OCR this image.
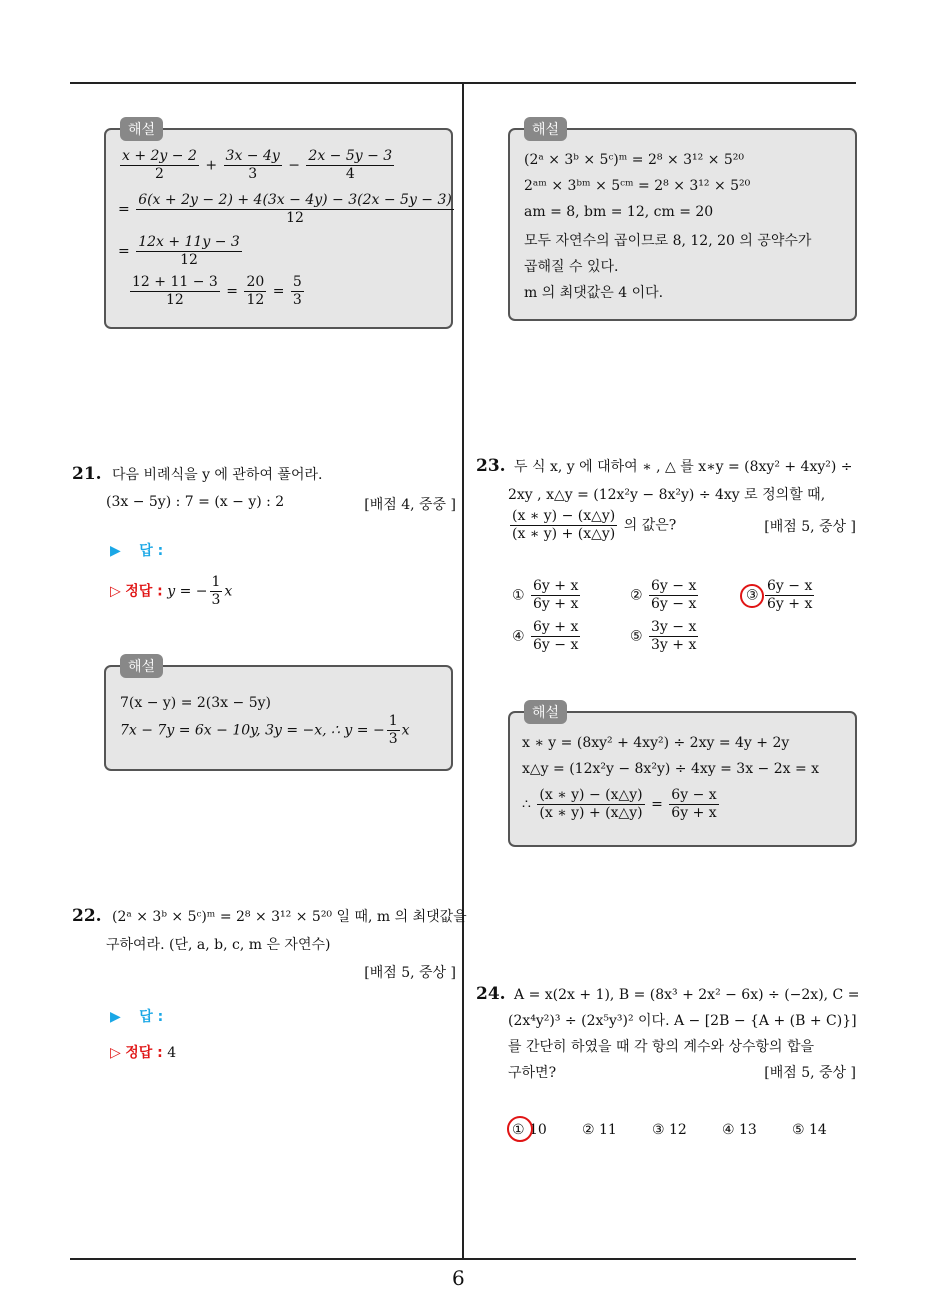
6
해설
$\frac{x + 2y - 2}{2} + \frac{3x - 4y}{3} - \frac{2x - 5y - 3}{4}$
= $\frac{6(x + 2y - 2) + 4(3x - 4y) - 3(2x - 5y - 3)}{12}$
= $\frac{12x + 11y - 3}{12}$
$\frac{12 + 11 - 3}{12} = \frac{20}{12} = \frac{5}{3}$
21. 다음 비례식을 y 에 관하여 풀어라.
(3x − 5y) : 7 = (x − y) : 2	[배점 4, 중중 ]
▶ 답 :
▷ 정답 : y = − $\frac{1}{3}$ x
해설
7(x − y) = 2(3x − 5y)
7x − 7y = 6x − 10y, 3y = −x, ∴ y = − $\frac{1}{3}$ x
22. (2ᵃ × 3ᵇ × 5ᶜ)ᵐ = 2⁸ × 3¹² × 5²⁰ 일 때, m 의 최댓값을
구하여라. (단, a, b, c, m 은 자연수)
[배점 5, 중상 ]
▶ 답 :
▷ 정답 : 4
해설
(2ᵃ × 3ᵇ × 5ᶜ)ᵐ = 2⁸ × 3¹² × 5²⁰
2ᵃᵐ × 3ᵇᵐ × 5ᶜᵐ = 2⁸ × 3¹² × 5²⁰
am = 8, bm = 12, cm = 20
모두 자연수의 곱이므로 8, 12, 20 의 공약수가
곱해질 수 있다.
m 의 최댓값은 4 이다.
23. 두 식 x, y 에 대하여 ∗ , △ 를 x∗y = (8xy² + 4xy²) ÷
2xy , x△y = (12x²y − 8x²y) ÷ 4xy 로 정의할 때,
$\frac{(x ∗ y) - (x\triangle y)}{(x ∗ y) + (x\triangle y)}$ 의 값은?	[배점 5, 중상 ]
① $\frac{6y + x}{6y + x}$	② $\frac{6y - x}{6y - x}$	③ $\frac{6y - x}{6y + x}$
④ $\frac{6y + x}{6y - x}$	⑤ $\frac{3y - x}{3y + x}$
해설
x ∗ y = (8xy² + 4xy²) ÷ 2xy = 4y + 2y
x△y = (12x²y − 8x²y) ÷ 4xy = 3x − 2x = x
∴ $\frac{(x ∗ y) - (x\triangle y)}{(x ∗ y) + (x\triangle y)} = \frac{6y - x}{6y + x}$
24. A = x(2x + 1), B = (8x³ + 2x² − 6x) ÷ (−2x), C =
(2x⁴y²)³ ÷ (2x⁵y³)² 이다. A − [2B − {A + (B + C)}]
를 간단히 하였을 때 각 항의 계수와 상수항의 합을
구하면?	[배점 5, 중상 ]
① 10	② 11	③ 12	④ 13	⑤ 14
